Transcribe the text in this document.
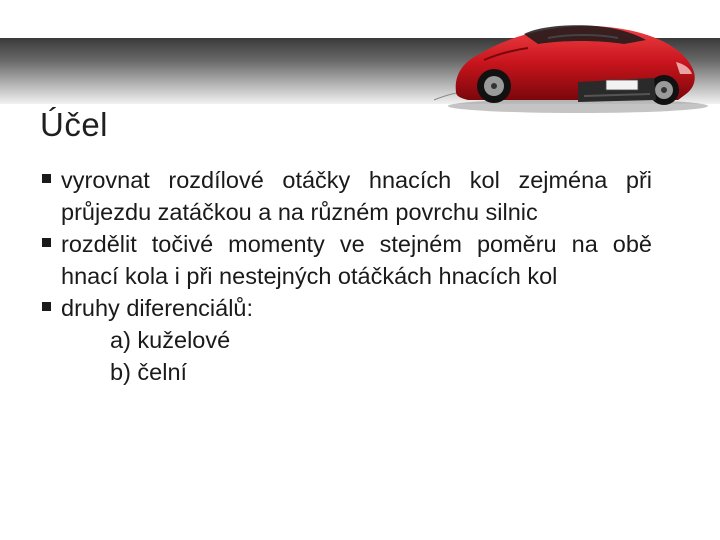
Účel
vyrovnat rozdílové otáčky hnacích kol zejména při průjezdu zatáčkou a na různém povrchu silnic
rozdělit točivé momenty ve stejném poměru na obě hnací kola i při nestejných otáčkách hnacích kol
druhy diferenciálů:
a) kuželové
b) čelní
